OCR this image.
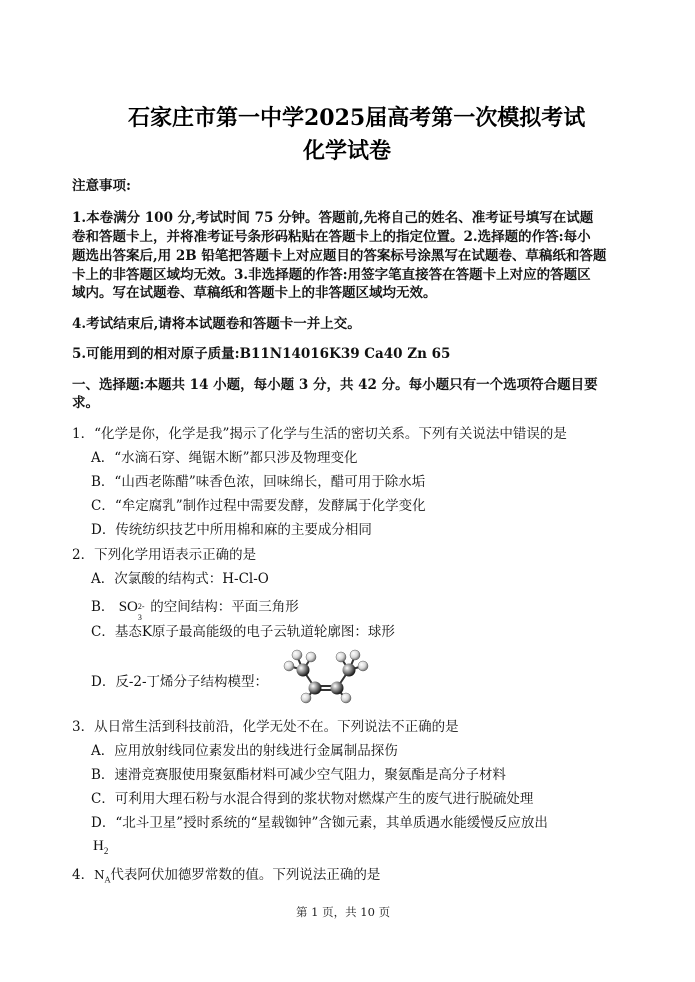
石家庄市第一中学2025届高考第一次模拟考试
化学试卷
注意事项:
1.本卷满分 100 分,考试时间 75 分钟。答题前,先将自己的姓名、准考证号填写在试题
卷和答题卡上，并将准考证号条形码粘贴在答题卡上的指定位置。2.选择题的作答:每小
题选出答案后,用 2B 铅笔把答题卡上对应题目的答案标号涂黑写在试题卷、草稿纸和答题
卡上的非答题区域均无效。3.非选择题的作答:用签字笔直接答在答题卡上对应的答题区
域内。写在试题卷、草稿纸和答题卡上的非答题区域均无效。
4.考试结束后,请将本试题卷和答题卡一并上交。
5.可能用到的相对原子质量:B11N14016K39 Ca40 Zn 65
一、选择题:本题共 14 小题，每小题 3 分，共 42 分。每小题只有一个选项符合题目要
求。
1．“化学是你，化学是我”揭示了化学与生活的密切关系。下列有关说法中错误的是
A．“水滴石穿、绳锯木断”都只涉及物理变化
B．“山西老陈醋”味香色浓，回味绵长，醋可用于除水垢
C．“牟定腐乳”制作过程中需要发酵，发酵属于化学变化
D．传统纺织技艺中所用棉和麻的主要成分相同
2．下列化学用语表示正确的是
A．次氯酸的结构式：H-Cl-O
B． SO 2-
3
的空间结构：平面三角形
C．基态K原子最高能级的电子云轨道轮廓图：球形
D．反-2-丁烯分子结构模型：
3．从日常生活到科技前沿，化学无处不在。下列说法不正确的是
A．应用放射线同位素发出的射线进行金属制品探伤
B．速滑竞赛服使用聚氨酯材料可减少空气阻力，聚氨酯是高分子材料
C．可利用大理石粉与水混合得到的浆状物对燃煤产生的废气进行脱硫处理
D．“北斗卫星”授时系统的“星载铷钟”含铷元素，其单质遇水能缓慢反应放出
$H_2$
4．$N_A$代表阿伏加德罗常数的值。下列说法正确的是
第 1 页，共 10 页
